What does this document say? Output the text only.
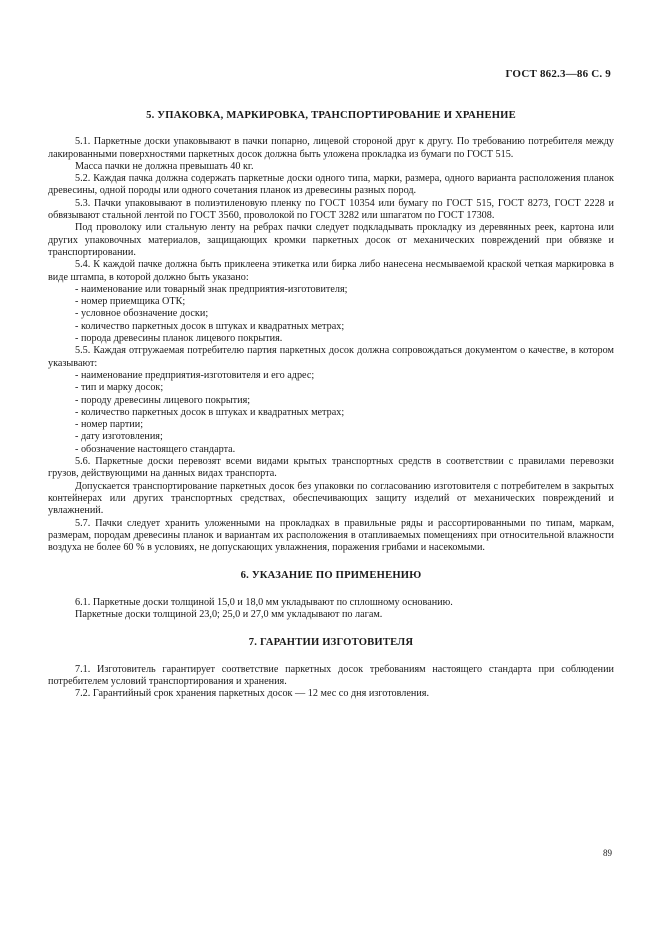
ГОСТ 862.3—86 С. 9

5. УПАКОВКА, МАРКИРОВКА, ТРАНСПОРТИРОВАНИЕ И ХРАНЕНИЕ

5.1. Паркетные доски упаковывают в пачки попарно, лицевой стороной друг к другу. По требованию потребителя между лакированными поверхностями паркетных досок должна быть уложена прокладка из бумаги по ГОСТ 515.

Масса пачки не должна превышать 40 кг.

5.2. Каждая пачка должна содержать паркетные доски одного типа, марки, размера, одного варианта расположения планок древесины, одной породы или одного сочетания планок из древесины разных пород.

5.3. Пачки упаковывают в полиэтиленовую пленку по ГОСТ 10354 или бумагу по ГОСТ 515, ГОСТ 8273, ГОСТ 2228 и обвязывают стальной лентой по ГОСТ 3560, проволокой по ГОСТ 3282 или шпагатом по ГОСТ 17308.

Под проволоку или стальную ленту на ребрах пачки следует подкладывать прокладку из деревянных реек, картона или других упаковочных материалов, защищающих кромки паркетных досок от механических повреждений при обвязке и транспортировании.

5.4. К каждой пачке должна быть приклеена этикетка или бирка либо нанесена несмываемой краской четкая маркировка в виде штампа, в которой должно быть указано:

- наименование или товарный знак предприятия-изготовителя;

- номер приемщика ОТК;

- условное обозначение доски;

- количество паркетных досок в штуках и квадратных метрах;

- порода древесины планок лицевого покрытия.

5.5. Каждая отгружаемая потребителю партия паркетных досок должна сопровождаться документом о качестве, в котором указывают:

- наименование предприятия-изготовителя и его адрес;

- тип и марку досок;

- породу древесины лицевого покрытия;

- количество паркетных досок в штуках и квадратных метрах;

- номер партии;

- дату изготовления;

- обозначение настоящего стандарта.

5.6. Паркетные доски перевозят всеми видами крытых транспортных средств в соответствии с правилами перевозки грузов, действующими на данных видах транспорта.

Допускается транспортирование паркетных досок без упаковки по согласованию изготовителя с потребителем в закрытых контейнерах или других транспортных средствах, обеспечивающих защиту изделий от механических повреждений и увлажнений.

5.7. Пачки следует хранить уложенными на прокладках в правильные ряды и рассортированными по типам, маркам, размерам, породам древесины планок и вариантам их расположения в отапливаемых помещениях при относительной влажности воздуха не более 60 % в условиях, не допускающих увлажнения, поражения грибами и насекомыми.

6. УКАЗАНИЕ ПО ПРИМЕНЕНИЮ

6.1. Паркетные доски толщиной 15,0 и 18,0 мм укладывают по сплошному основанию.

Паркетные доски толщиной 23,0; 25,0 и 27,0 мм укладывают по лагам.

7. ГАРАНТИИ ИЗГОТОВИТЕЛЯ

7.1. Изготовитель гарантирует соответствие паркетных досок требованиям настоящего стандарта при соблюдении потребителем условий транспортирования и хранения.

7.2. Гарантийный срок хранения паркетных досок — 12 мес со дня изготовления.

89
